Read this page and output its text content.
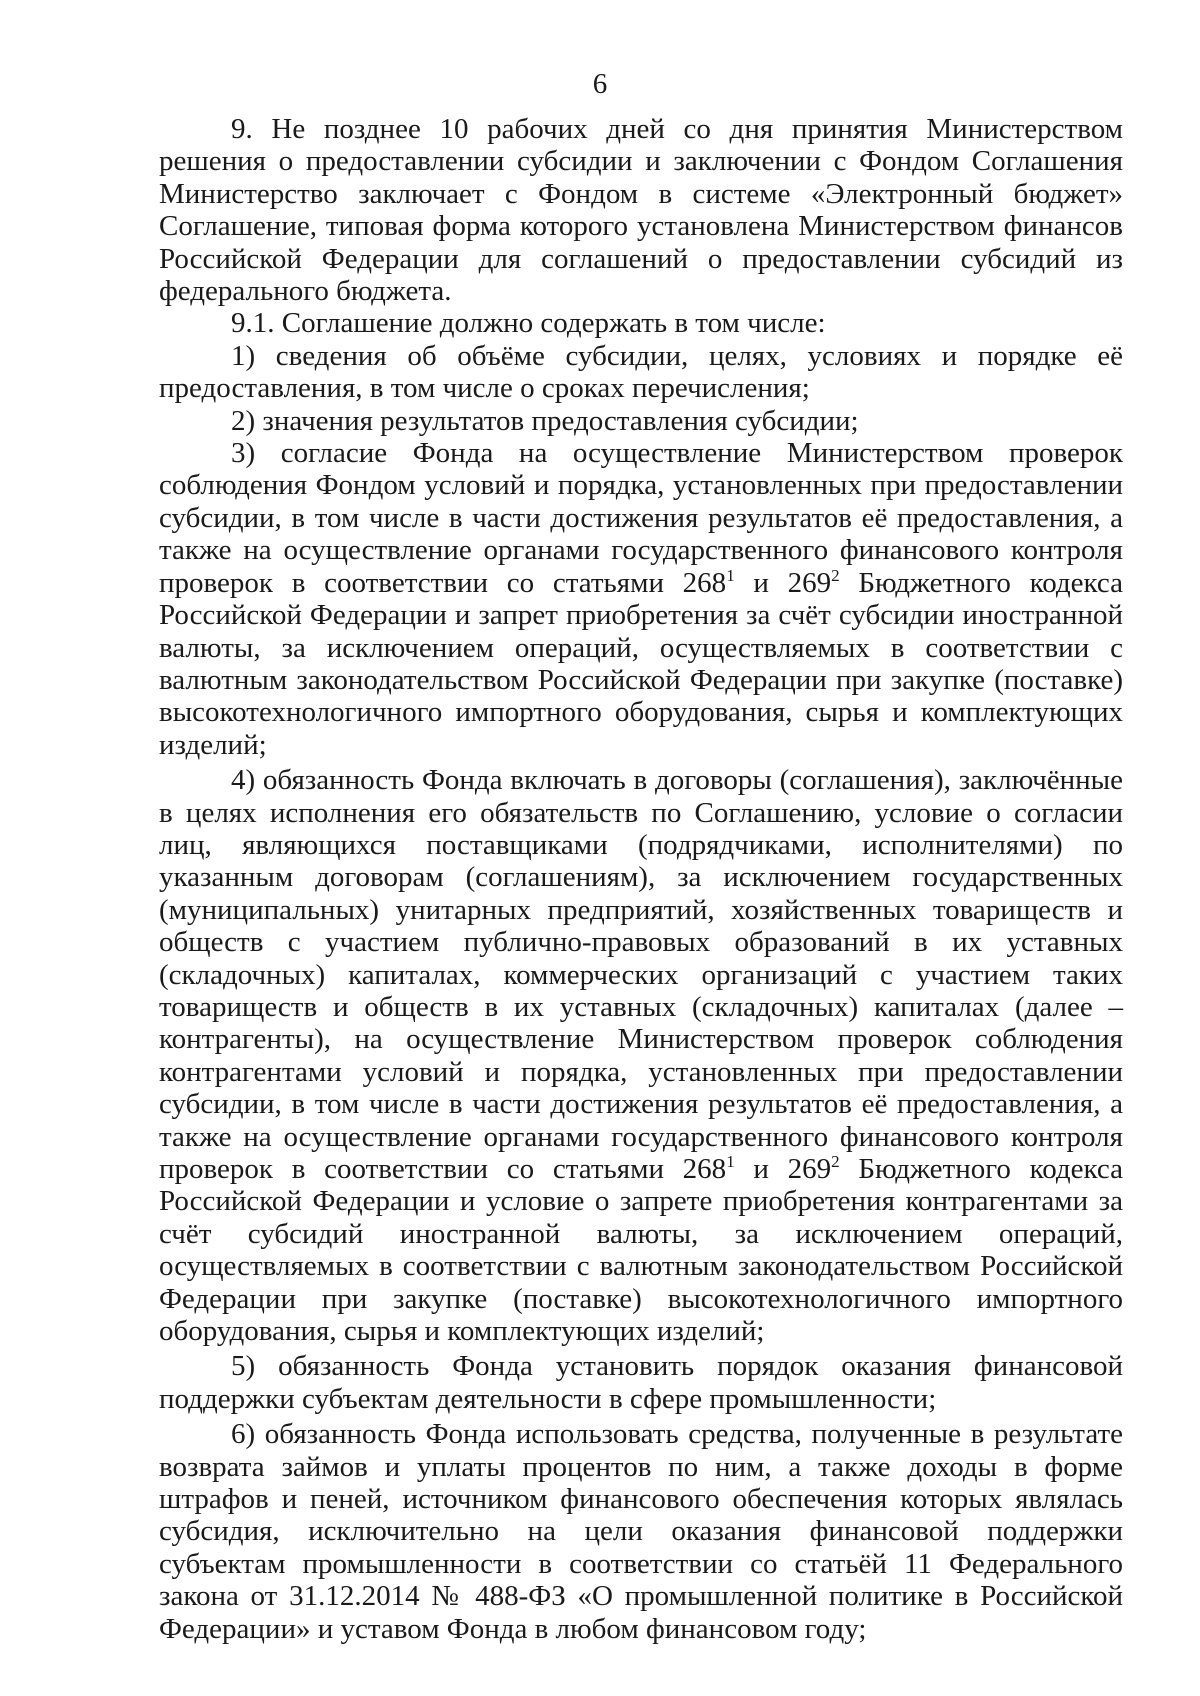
6

9. Не позднее 10 рабочих дней со дня принятия Министерством решения о предоставлении субсидии и заключении с Фондом Соглашения Министерство заключает с Фондом в системе «Электронный бюджет» Соглашение, типовая форма которого установлена Министерством финансов Российской Федерации для соглашений о предоставлении субсидий из федерального бюджета.

9.1. Соглашение должно содержать в том числе:

1) сведения об объёме субсидии, целях, условиях и порядке её предоставления, в том числе о сроках перечисления;

2) значения результатов предоставления субсидии;

3) согласие Фонда на осуществление Министерством проверок соблюдения Фондом условий и порядка, установленных при предоставлении субсидии, в том числе в части достижения результатов её предоставления, а также на осуществление органами государственного финансового контроля проверок в соответствии со статьями $268^1$ и $269^2$ Бюджетного кодекса Российской Федерации и запрет приобретения за счёт субсидии иностранной валюты, за исключением операций, осуществляемых в соответствии с валютным законодательством Российской Федерации при закупке (поставке) высокотехнологичного импортного оборудования, сырья и комплектующих изделий;

4) обязанность Фонда включать в договоры (соглашения), заключённые в целях исполнения его обязательств по Соглашению, условие о согласии лиц, являющихся поставщиками (подрядчиками, исполнителями) по указанным договорам (соглашениям), за исключением государственных (муниципальных) унитарных предприятий, хозяйственных товариществ и обществ с участием публично-правовых образований в их уставных (складочных) капиталах, коммерческих организаций с участием таких товариществ и обществ в их уставных (складочных) капиталах (далее – контрагенты), на осуществление Министерством проверок соблюдения контрагентами условий и порядка, установленных при предоставлении субсидии, в том числе в части достижения результатов её предоставления, а также на осуществление органами государственного финансового контроля проверок в соответствии со статьями $268^1$ и $269^2$ Бюджетного кодекса Российской Федерации и условие о запрете приобретения контрагентами за счёт субсидий иностранной валюты, за исключением операций, осуществляемых в соответствии с валютным законодательством Российской Федерации при закупке (поставке) высокотехнологичного импортного оборудования, сырья и комплектующих изделий;

5) обязанность Фонда установить порядок оказания финансовой поддержки субъектам деятельности в сфере промышленности;

6) обязанность Фонда использовать средства, полученные в результате возврата займов и уплаты процентов по ним, а также доходы в форме штрафов и пеней, источником финансового обеспечения которых являлась субсидия, исключительно на цели оказания финансовой поддержки субъектам промышленности в соответствии со статьёй 11 Федерального закона от 31.12.2014 № 488-ФЗ «О промышленной политике в Российской Федерации» и уставом Фонда в любом финансовом году;
